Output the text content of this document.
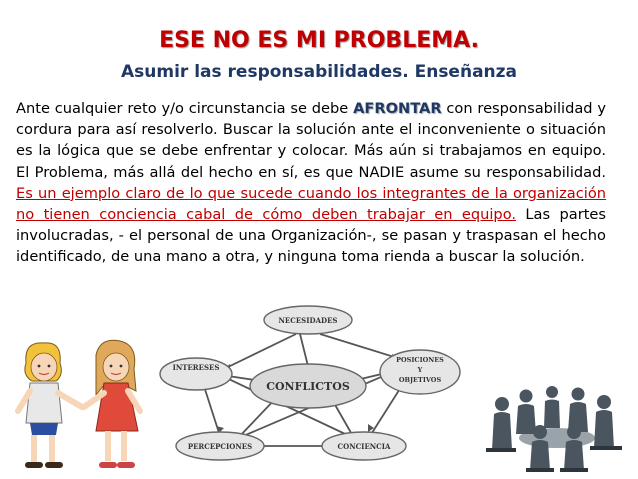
ESE NO ES MI PROBLEMA.
Asumir las responsabilidades. Enseñanza
Ante cualquier reto y/o circunstancia se debe AFRONTAR con responsabilidad y cordura para así resolverlo. Buscar la solución ante el inconveniente o situación es la lógica que se debe enfrentar y colocar. Más aún si trabajamos en equipo. El Problema, más allá del hecho en sí, es que NADIE asume su responsabilidad. Es un ejemplo claro de lo que sucede cuando los integrantes de la organización no tienen conciencia cabal de cómo deben trabajar en equipo. Las partes involucradas, - el personal de una Organización-, se pasan y traspasan el hecho identificado, de una mano a otra, y ninguna toma rienda a buscar la solución.
NECESIDADES
INTERESES
POSICIONES
Y
OBJETIVOS
CONFLICTOS
PERCEPCIONES	CONCIENCIA
